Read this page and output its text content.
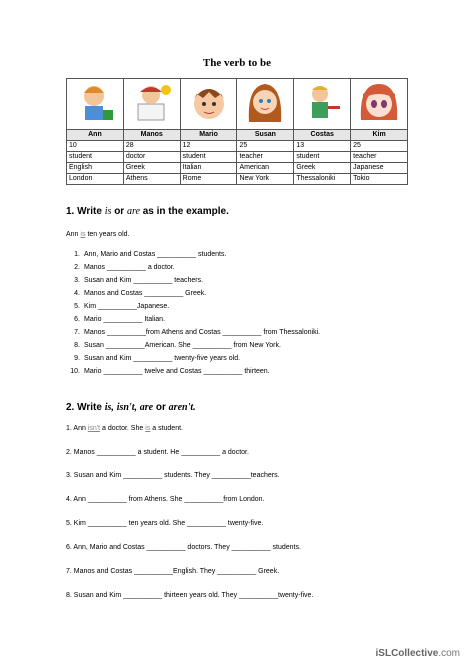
The verb to be

Ann	Manos	Mario	Susan	Costas	Kim
10	28	12	25	13	25
student	doctor	student	teacher	student	teacher
English	Greek	Italian	American	Greek	Japanese
London	Athens	Rome	New York	Thessaloniki	Tokio
1. Write is or are as in the example.
Ann is ten years old.
1. Ann, Mario and Costas __________ students.
2. Manos __________ a doctor.
3. Susan and Kim __________ teachers.
4. Manos and Costas __________ Greek.
5. Kim __________Japanese.
6. Mario __________ Italian.
7. Manos __________from Athens and Costas __________ from Thessaloniki.
8. Susan __________American. She __________ from New York.
9. Susan and Kim __________ twenty-five years old.
10. Mario __________ twelve and Costas __________ thirteen.
2. Write is, isn't, are or aren't.
1. Ann isn't a doctor. She is a student.
2. Manos __________ a student. He __________ a doctor.
3. Susan and Kim __________ students. They __________teachers.
4. Ann __________ from Athens. She __________from London.
5. Kim __________ ten years old. She __________ twenty-five.
6. Ann, Mario and Costas __________ doctors. They __________ students.
7. Manos and Costas __________English. They __________ Greek.
8. Susan and Kim __________ thirteen years old. They __________twenty-five.
iSLCollective.com
